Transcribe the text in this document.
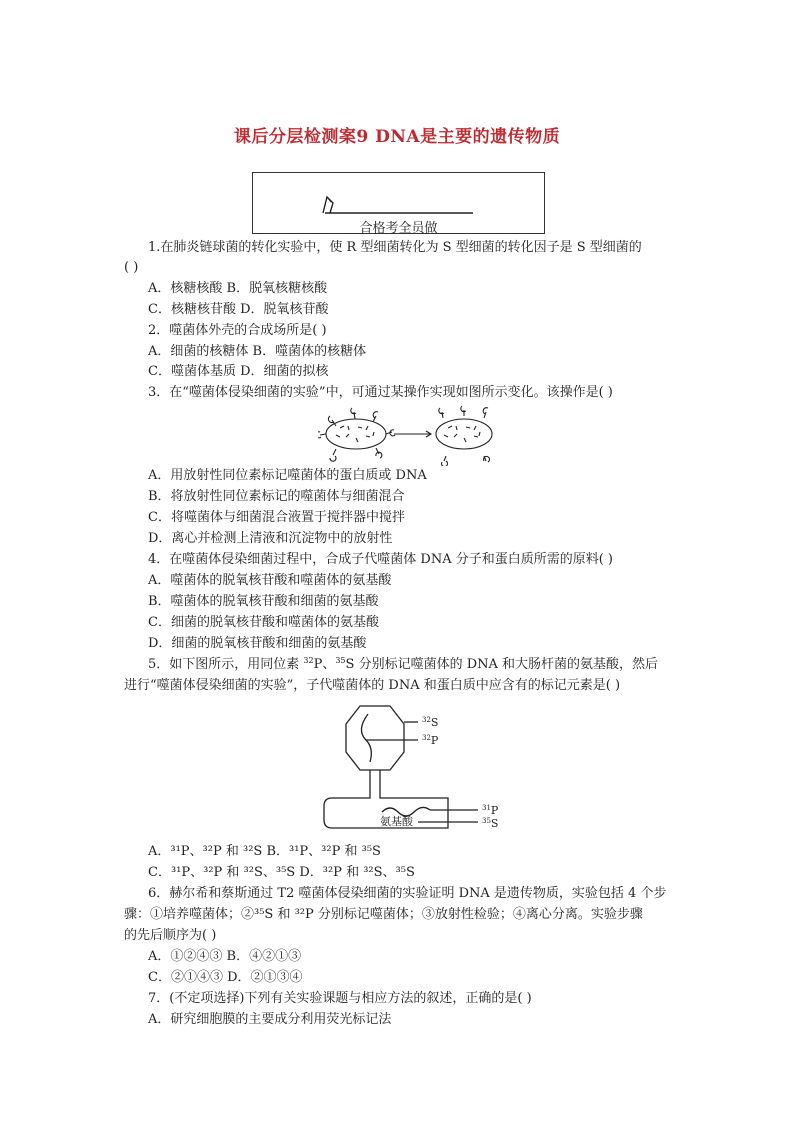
课后分层检测案9 DNA是主要的遗传物质
合格考全员做
1.在肺炎链球菌的转化实验中，使 R 型细菌转化为 S 型细菌的转化因子是 S 型细菌的
( )
A．核糖核酸 B．脱氧核糖核酸
C．核糖核苷酸 D．脱氧核苷酸
2．噬菌体外壳的合成场所是( )
A．细菌的核糖体 B．噬菌体的核糖体
C．噬菌体基质 D．细菌的拟核
3．在“噬菌体侵染细菌的实验”中，可通过某操作实现如图所示变化。该操作是( )
A．用放射性同位素标记噬菌体的蛋白质或 DNA
B．将放射性同位素标记的噬菌体与细菌混合
C．将噬菌体与细菌混合液置于搅拌器中搅拌
D．离心并检测上清液和沉淀物中的放射性
4．在噬菌体侵染细菌过程中，合成子代噬菌体 DNA 分子和蛋白质所需的原料( )
A．噬菌体的脱氧核苷酸和噬菌体的氨基酸
B．噬菌体的脱氧核苷酸和细菌的氨基酸
C．细菌的脱氧核苷酸和噬菌体的氨基酸
D．细菌的脱氧核苷酸和细菌的氨基酸
5．如下图所示，用同位素 $^{32}$P、$^{35}$S 分别标记噬菌体的 DNA 和大肠杆菌的氨基酸，然后
进行“噬菌体侵染细菌的实验”，子代噬菌体的 DNA 和蛋白质中应含有的标记元素是( )
$^{32}$S
$^{32}$P
$^{31}$P
$^{35}$S
氨基酸
A．³¹P、³²P 和 ³²S B．³¹P、³²P 和 ³⁵S
C．³¹P、³²P 和 ³²S、³⁵S D．³²P 和 ³²S、³⁵S
6．赫尔希和蔡斯通过 T2 噬菌体侵染细菌的实验证明 DNA 是遗传物质，实验包括 4 个步
骤：①培养噬菌体；②³⁵S 和 ³²P 分别标记噬菌体；③放射性检验；④离心分离。实验步骤
的先后顺序为( )
A．①②④③ B．④②①③
C．②①④③ D．②①③④
7．(不定项选择)下列有关实验课题与相应方法的叙述，正确的是( )
A．研究细胞膜的主要成分利用荧光标记法
